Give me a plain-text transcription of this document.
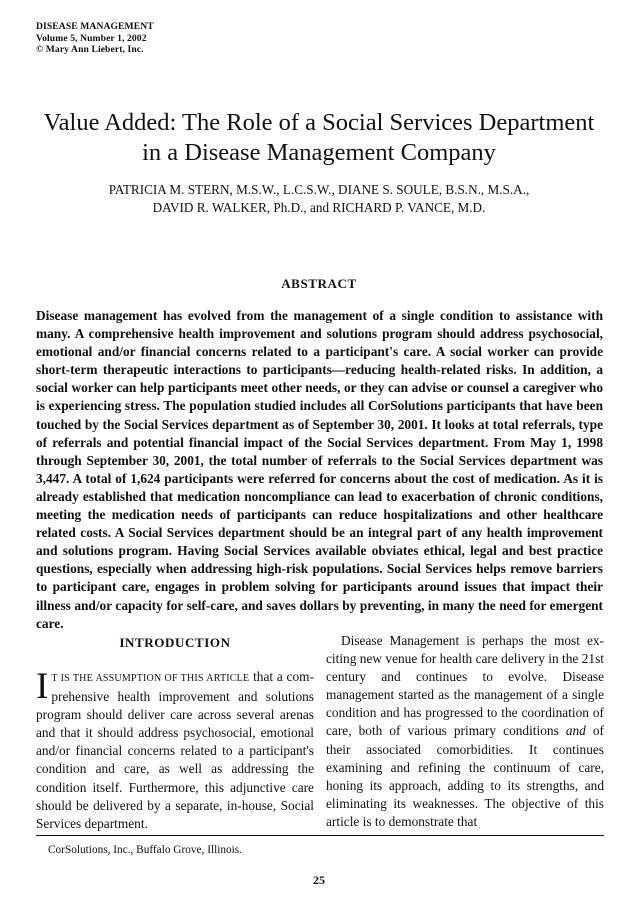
DISEASE MANAGEMENT
Volume 5, Number 1, 2002
© Mary Ann Liebert, Inc.
Value Added: The Role of a Social Services Department
in a Disease Management Company
PATRICIA M. STERN, M.S.W., L.C.S.W., DIANE S. SOULE, B.S.N., M.S.A.,
DAVID R. WALKER, Ph.D., and RICHARD P. VANCE, M.D.
ABSTRACT
Disease management has evolved from the management of a single condition to assistance with many. A comprehensive health improvement and solutions program should address psychosocial, emotional and/or financial concerns related to a participant's care. A social worker can provide short-term therapeutic interactions to participants—reducing health-related risks. In addition, a social worker can help participants meet other needs, or they can advise or counsel a caregiver who is experiencing stress. The population studied includes all CorSolutions participants that have been touched by the Social Services department as of September 30, 2001. It looks at total referrals, type of referrals and potential financial impact of the Social Services department. From May 1, 1998 through September 30, 2001, the total number of referrals to the Social Services department was 3,447. A total of 1,624 participants were referred for concerns about the cost of medication. As it is already established that medication noncompliance can lead to exacerbation of chronic conditions, meeting the medication needs of participants can reduce hospitalizations and other healthcare related costs. A Social Services department should be an integral part of any health improvement and solutions program. Having Social Services available obviates ethical, legal and best practice questions, especially when addressing high-risk populations. Social Services helps remove barriers to participant care, engages in problem solving for participants around issues that impact their illness and/or capacity for self-care, and saves dollars by preventing, in many the need for emergent care.
INTRODUCTION

I T IS THE ASSUMPTION OF THIS ARTICLE that a comprehensive health improvement and solutions program should deliver care across several arenas and that it should address psychosocial, emotional and/or financial concerns related to a participant's condition and care, as well as addressing the condition itself. Furthermore, this adjunctive care should be delivered by a separate, in-house, Social Services department.

Disease Management is perhaps the most exciting new venue for health care delivery in the 21st century and continues to evolve. Disease management started as the management of a single condition and has progressed to the coordination of care, both of various primary conditions and of their associated comorbidities. It continues examining and refining the continuum of care, honing its approach, adding to its strengths, and eliminating its weaknesses. The objective of this article is to demonstrate that

CorSolutions, Inc., Buffalo Grove, Illinois.
25
